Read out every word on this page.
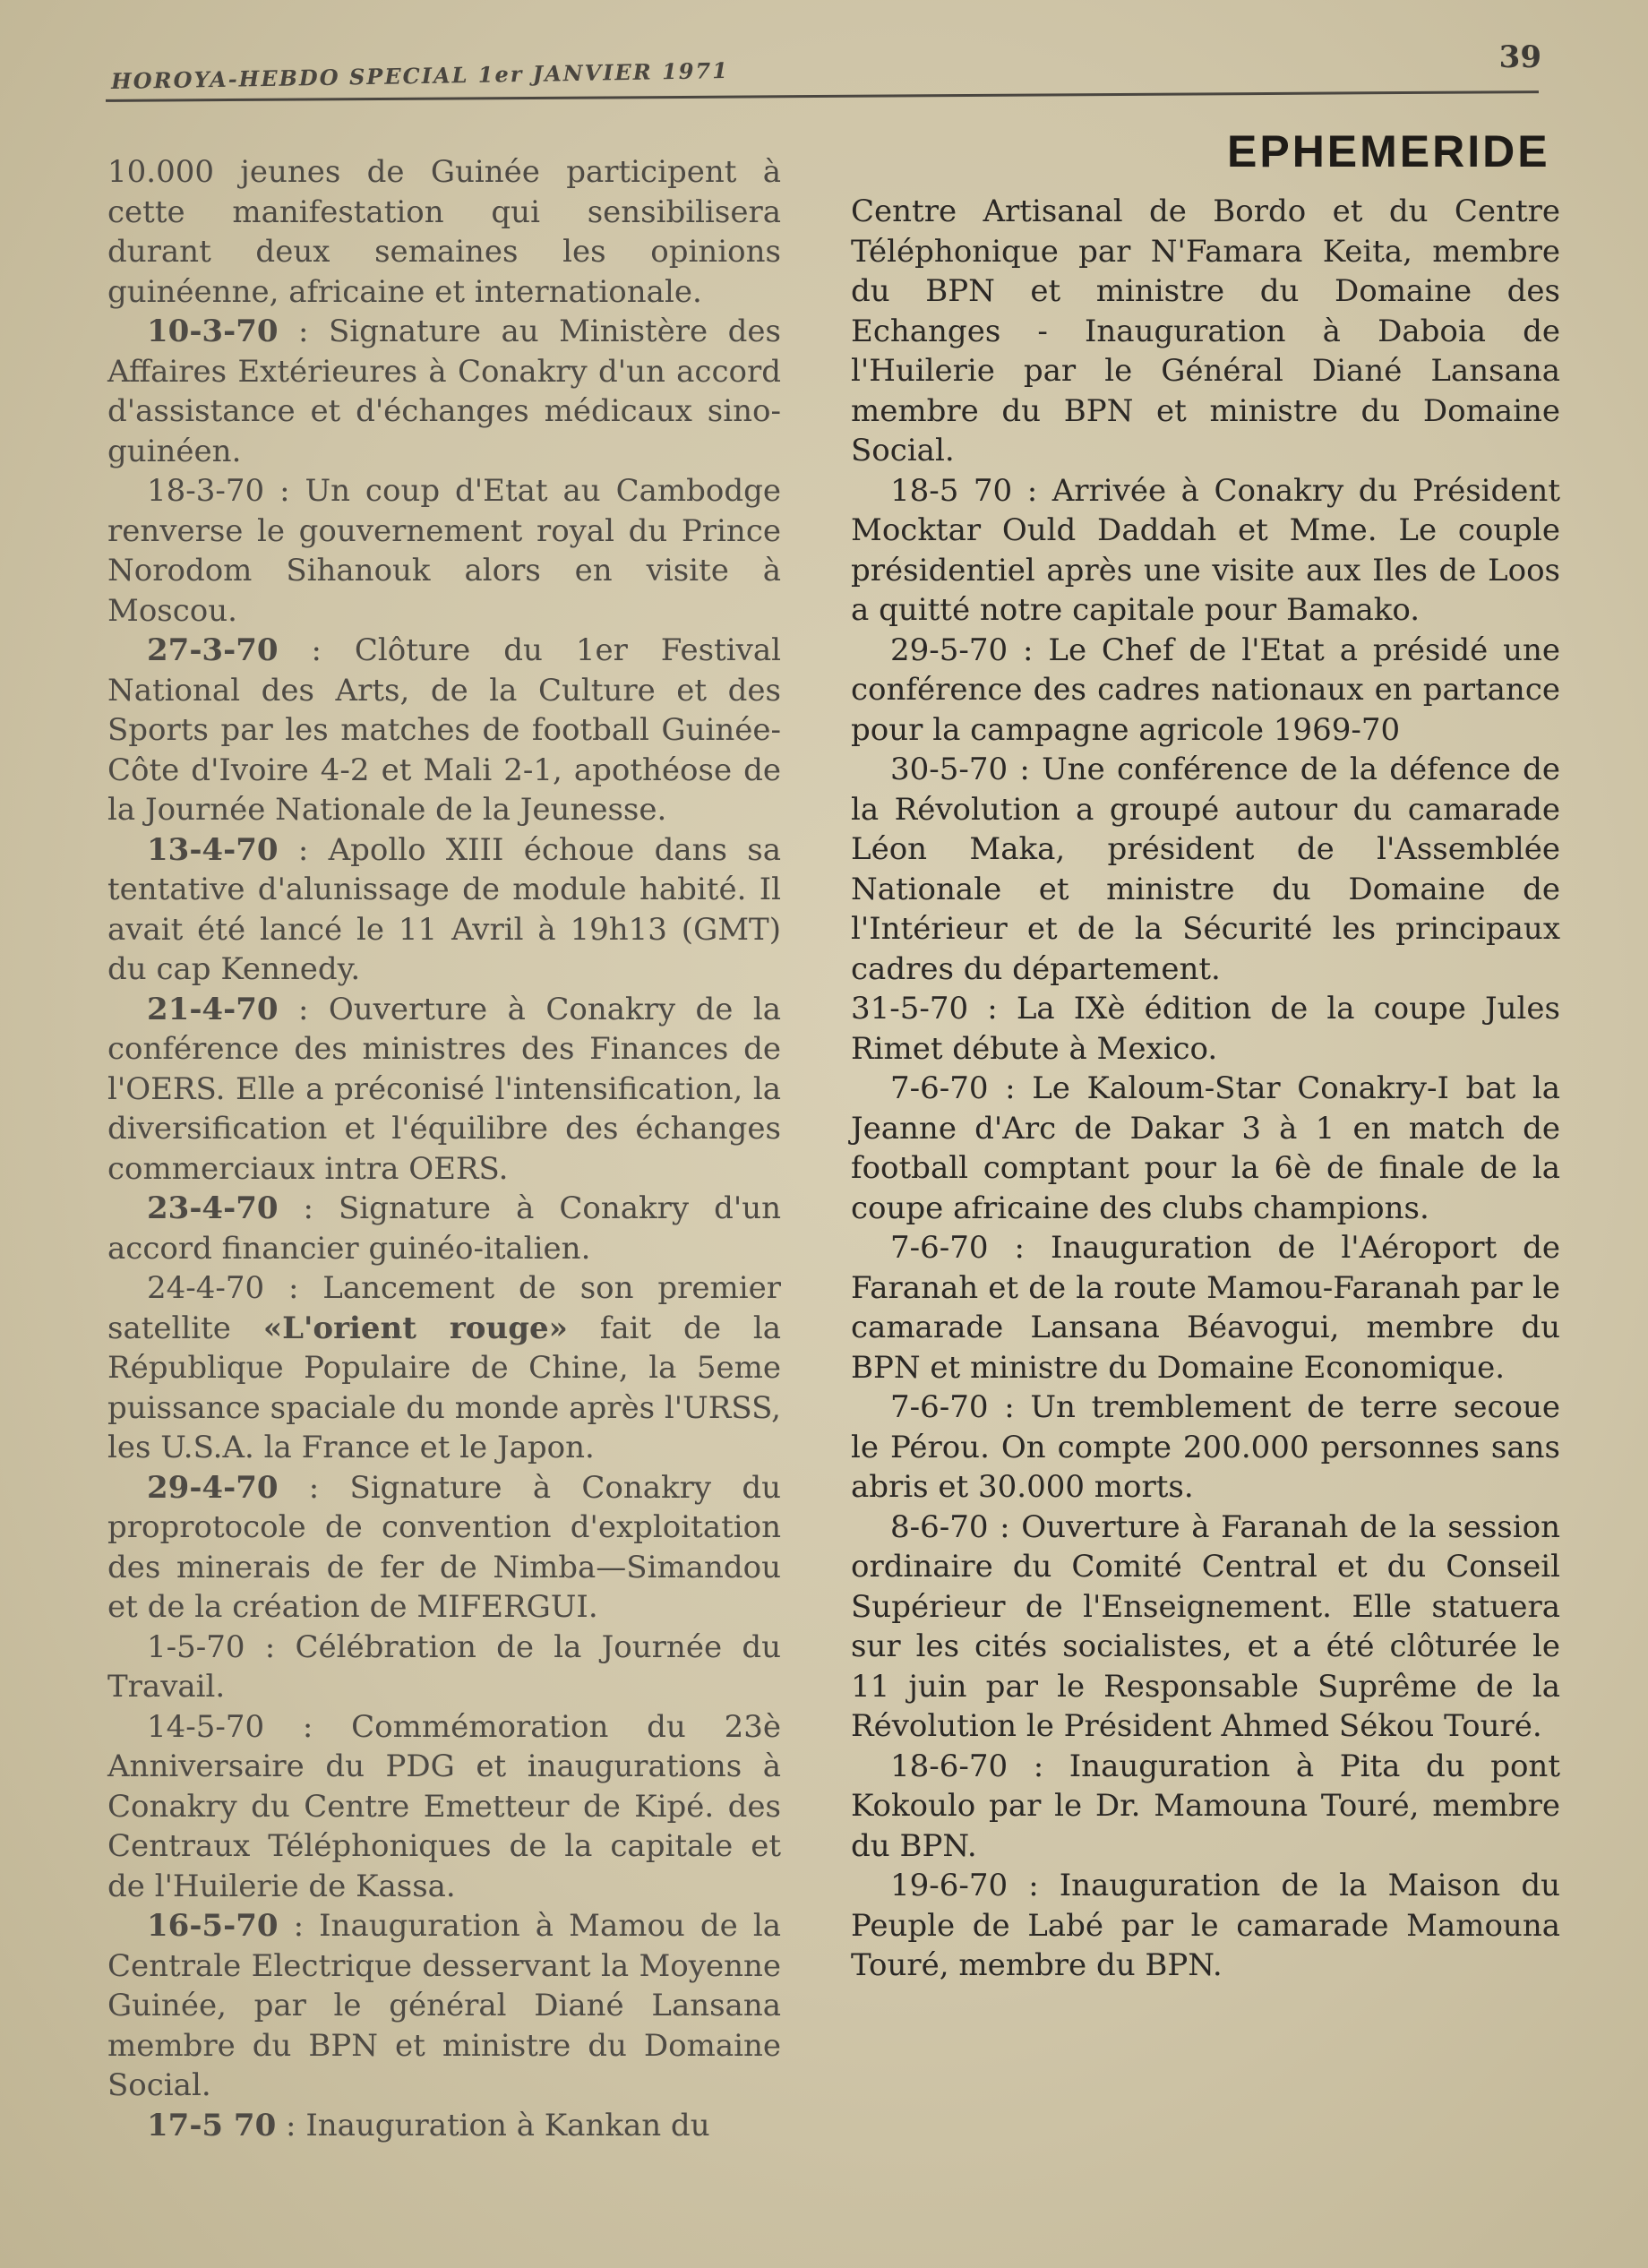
HOROYA-HEBDO SPECIAL 1er JANVIER 1971	39
EPHEMERIDE

10.000 jeunes de Guinée participent à cette manifestation qui sensibilisera durant deux semaines les opinions guinéenne, africaine et internationale.

10-3-70 : Signature au Ministère des Affaires Extérieures à Conakry d'un accord d'assistance et d'échanges médicaux sino-guinéen.

18-3-70 : Un coup d'Etat au Cambodge renverse le gouvernement royal du Prince Norodom Sihanouk alors en visite à Moscou.

27-3-70 : Clôture du 1er Festival National des Arts, de la Culture et des Sports par les matches de football Guinée-Côte d'Ivoire 4-2 et Mali 2-1, apothéose de la Journée Nationale de la Jeunesse.

13-4-70 : Apollo XIII échoue dans sa tentative d'alunissage de module habité. Il avait été lancé le 11 Avril à 19h13 (GMT) du cap Kennedy.

21-4-70 : Ouverture à Conakry de la conférence des ministres des Finances de l'OERS. Elle a préconisé l'intensification, la diversification et l'équilibre des échanges commerciaux intra OERS.

23-4-70 : Signature à Conakry d'un accord financier guinéo-italien.

24-4-70 : Lancement de son premier satellite «L'orient rouge» fait de la République Populaire de Chine, la 5eme puissance spaciale du monde après l'URSS, les U.S.A. la France et le Japon.

29-4-70 : Signature à Conakry du proprotocole de convention d'exploitation des minerais de fer de Nimba—Simandou et de la création de MIFERGUI.

1-5-70 : Célébration de la Journée du Travail.

14-5-70 : Commémoration du 23è Anniversaire du PDG et inaugurations à Conakry du Centre Emetteur de Kipé. des Centraux Téléphoniques de la capitale et de l'Huilerie de Kassa.

16-5-70 : Inauguration à Mamou de la Centrale Electrique desservant la Moyenne Guinée, par le général Diané Lansana membre du BPN et ministre du Domaine Social.

17-5 70 : Inauguration à Kankan du

Centre Artisanal de Bordo et du Centre Téléphonique par N'Famara Keita, membre du BPN et ministre du Domaine des Echanges - Inauguration à Daboia de l'Huilerie par le Général Diané Lansana membre du BPN et ministre du Domaine Social.

18-5 70 : Arrivée à Conakry du Président Mocktar Ould Daddah et Mme. Le couple présidentiel après une visite aux Iles de Loos a quitté notre capitale pour Bamako.

29-5-70 : Le Chef de l'Etat a présidé une conférence des cadres nationaux en partance pour la campagne agricole 1969-70

30-5-70 : Une conférence de la défence de la Révolution a groupé autour du camarade Léon Maka, président de l'Assemblée Nationale et ministre du Domaine de l'Intérieur et de la Sécurité les principaux cadres du département.

31-5-70 : La IXè édition de la coupe Jules Rimet débute à Mexico.

7-6-70 : Le Kaloum-Star Conakry-I bat la Jeanne d'Arc de Dakar 3 à 1 en match de football comptant pour la 6è de finale de la coupe africaine des clubs champions.

7-6-70 : Inauguration de l'Aéroport de Faranah et de la route Mamou-Faranah par le camarade Lansana Béavogui, membre du BPN et ministre du Domaine Economique.

7-6-70 : Un tremblement de terre secoue le Pérou. On compte 200.000 personnes sans abris et 30.000 morts.

8-6-70 : Ouverture à Faranah de la session ordinaire du Comité Central et du Conseil Supérieur de l'Enseignement. Elle statuera sur les cités socialistes, et a été clôturée le 11 juin par le Responsable Suprême de la Révolution le Président Ahmed Sékou Touré.

18-6-70 : Inauguration à Pita du pont Kokoulo par le Dr. Mamouna Touré, membre du BPN.

19-6-70 : Inauguration de la Maison du Peuple de Labé par le camarade Mamouna Touré, membre du BPN.
